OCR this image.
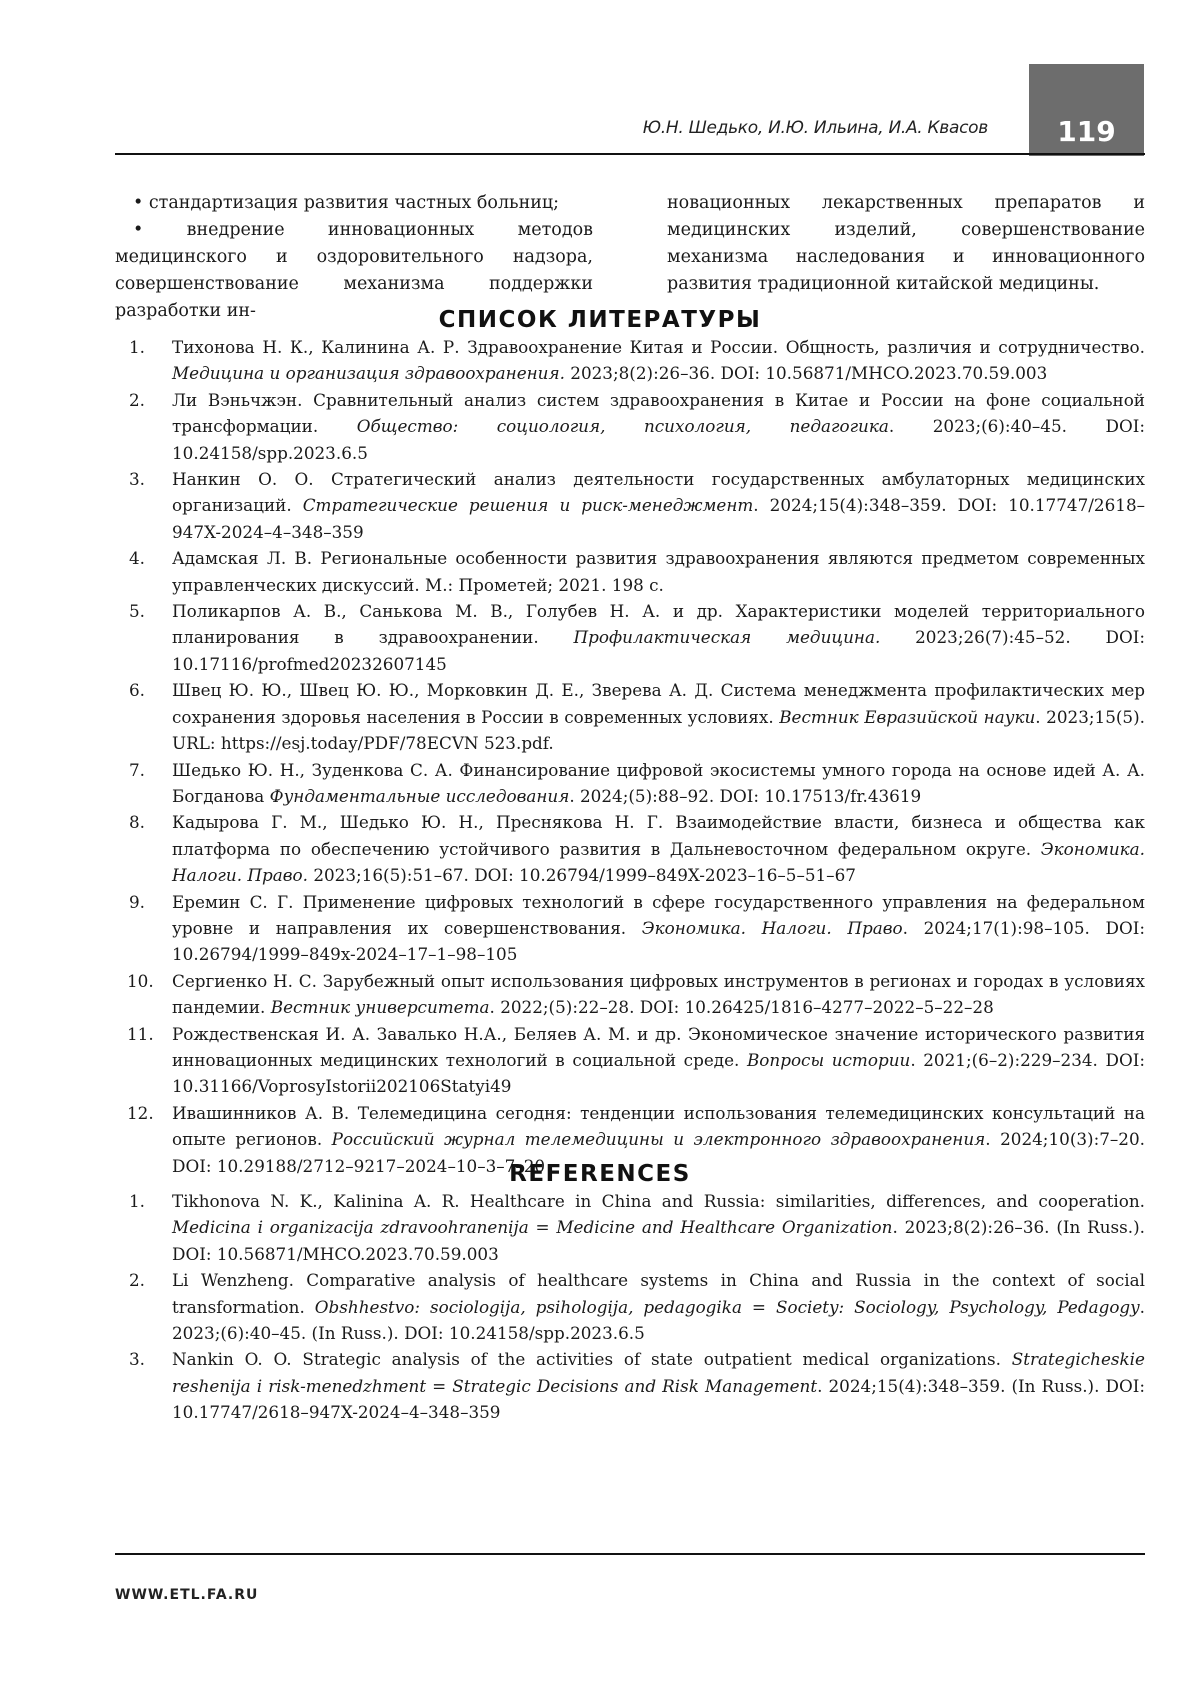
Ю.Н. Шедько, И.Ю. Ильина, И.А. Квасов	119

• стандартизация развития частных больниц;

• внедрение инновационных методов медицинского и оздоровительного надзора, совершенствование механизма поддержки разработки ин-

новационных лекарственных препаратов и медицинских изделий, совершенствование механизма наследования и инновационного развития традиционной китайской медицины.

СПИСОК ЛИТЕРАТУРЫ
1. Тихонова Н. К., Калинина А. Р. Здравоохранение Китая и России. Общность, различия и сотрудничество. Медицина и организация здравоохранения. 2023;8(2):26–36. DOI: 10.56871/MHCO.2023.70.59.003
2. Ли Вэньчжэн. Сравнительный анализ систем здравоохранения в Китае и России на фоне социальной трансформации. Общество: социология, психология, педагогика. 2023;(6):40–45. DOI: 10.24158/spp.2023.6.5
3. Нанкин О. О. Стратегический анализ деятельности государственных амбулаторных медицинских организаций. Стратегические решения и риск-менеджмент. 2024;15(4):348–359. DOI: 10.17747/2618–947X-2024–4–348–359
4. Адамская Л. В. Региональные особенности развития здравоохранения являются предметом современных управленческих дискуссий. М.: Прометей; 2021. 198 с.
5. Поликарпов А. В., Санькова М. В., Голубев Н. А. и др. Характеристики моделей территориального планирования в здравоохранении. Профилактическая медицина. 2023;26(7):45–52. DOI: 10.17116/profmed20232607145
6. Швец Ю. Ю., Швец Ю. Ю., Морковкин Д. Е., Зверева А. Д. Система менеджмента профилактических мер сохранения здоровья населения в России в современных условиях. Вестник Евразийской науки. 2023;15(5). URL: https://esj.today/PDF/78ECVN 523.pdf.
7. Шедько Ю. Н., Зуденкова С. А. Финансирование цифровой экосистемы умного города на основе идей А. А. Богданова Фундаментальные исследования. 2024;(5):88–92. DOI: 10.17513/fr.43619
8. Кадырова Г. М., Шедько Ю. Н., Преснякова Н. Г. Взаимодействие власти, бизнеса и общества как платформа по обеспечению устойчивого развития в Дальневосточном федеральном округе. Экономика. Налоги. Право. 2023;16(5):51–67. DOI: 10.26794/1999–849X-2023–16–5–51–67
9. Еремин С. Г. Применение цифровых технологий в сфере государственного управления на федеральном уровне и направления их совершенствования. Экономика. Налоги. Право. 2024;17(1):98–105. DOI: 10.26794/1999–849x-2024–17–1–98–105
10. Сергиенко Н. С. Зарубежный опыт использования цифровых инструментов в регионах и городах в условиях пандемии. Вестник университета. 2022;(5):22–28. DOI: 10.26425/1816–4277–2022–5–22–28
11. Рождественская И. А. Завалько Н.А., Беляев А. М. и др. Экономическое значение исторического развития инновационных медицинских технологий в социальной среде. Вопросы истории. 2021;(6–2):229–234. DOI: 10.31166/VoprosyIstorii202106Statyi49
12. Ивашинников А. В. Телемедицина сегодня: тенденции использования телемедицинских консультаций на опыте регионов. Российский журнал телемедицины и электронного здравоохранения. 2024;10(3):7–20. DOI: 10.29188/2712–9217–2024–10–3–7–20
REFERENCES
1. Tikhonova N. K., Kalinina A. R. Healthcare in China and Russia: similarities, differences, and cooperation. Medicina i organizacija zdravoohranenija = Medicine and Healthcare Organization. 2023;8(2):26–36. (In Russ.). DOI: 10.56871/MHCO.2023.70.59.003
2. Li Wenzheng. Comparative analysis of healthcare systems in China and Russia in the context of social transformation. Obshhestvo: sociologija, psihologija, pedagogika = Society: Sociology, Psychology, Pedagogy. 2023;(6):40–45. (In Russ.). DOI: 10.24158/spp.2023.6.5
3. Nankin O. O. Strategic analysis of the activities of state outpatient medical organizations. Strategicheskie reshenija i risk-menedzhment = Strategic Decisions and Risk Management. 2024;15(4):348–359. (In Russ.). DOI: 10.17747/2618–947X-2024–4–348–359
WWW.ETL.FA.RU
